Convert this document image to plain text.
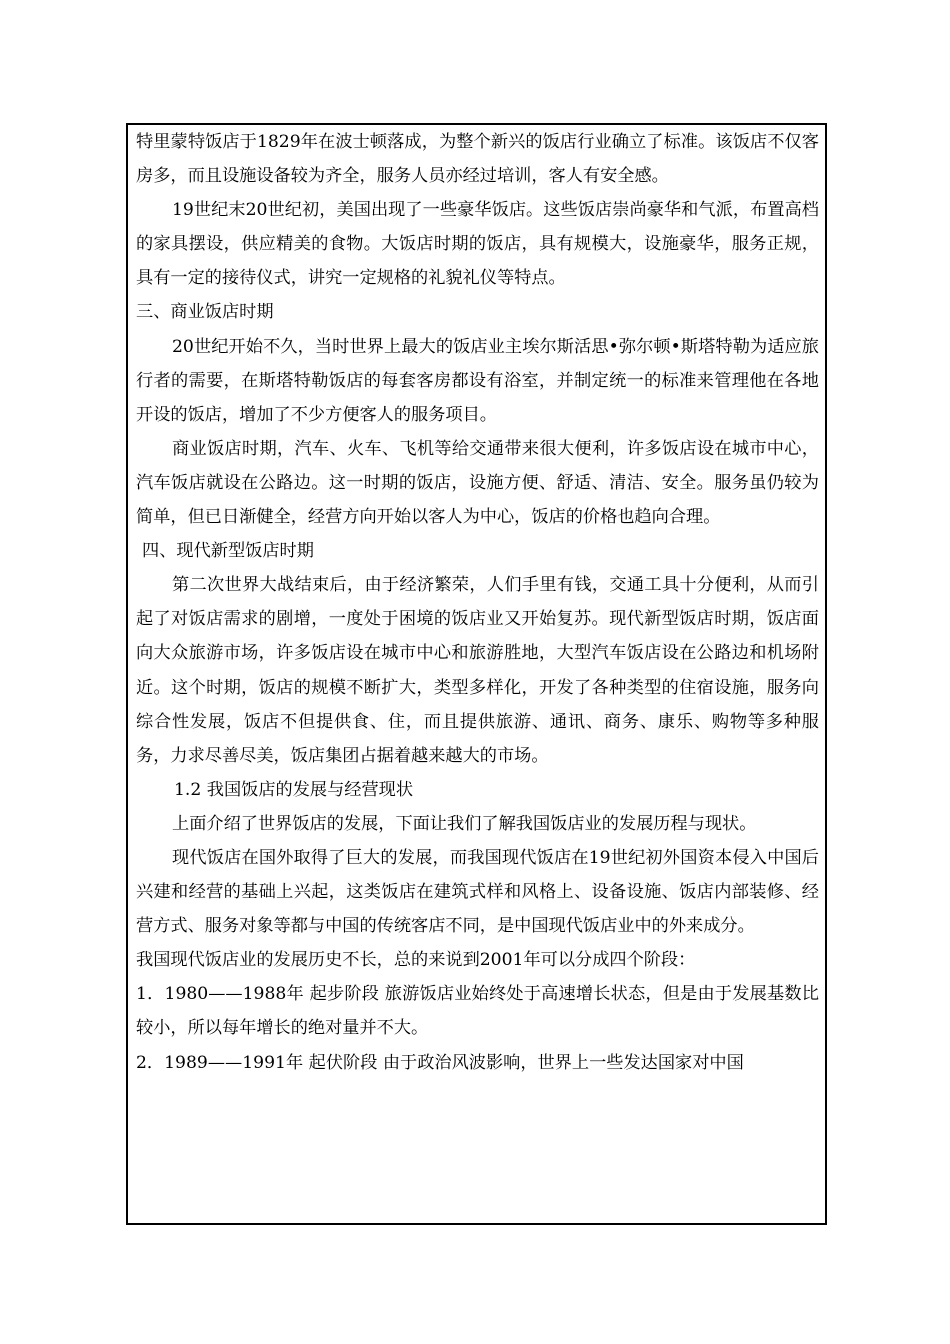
特里蒙特饭店于1829年在波士顿落成，为整个新兴的饭店行业确立了标准。该饭店不仅客房多，而且设施设备较为齐全，服务人员亦经过培训，客人有安全感。

19世纪末20世纪初，美国出现了一些豪华饭店。这些饭店崇尚豪华和气派，布置高档的家具摆设，供应精美的食物。大饭店时期的饭店，具有规模大，设施豪华，服务正规，具有一定的接待仪式，讲究一定规格的礼貌礼仪等特点。

三、商业饭店时期

20世纪开始不久，当时世界上最大的饭店业主埃尔斯活思•弥尔顿•斯塔特勒为适应旅行者的需要，在斯塔特勒饭店的每套客房都设有浴室，并制定统一的标准来管理他在各地开设的饭店，增加了不少方便客人的服务项目。

商业饭店时期，汽车、火车、飞机等给交通带来很大便利，许多饭店设在城市中心，汽车饭店就设在公路边。这一时期的饭店，设施方便、舒适、清洁、安全。服务虽仍较为简单，但已日渐健全，经营方向开始以客人为中心，饭店的价格也趋向合理。

四、现代新型饭店时期

第二次世界大战结束后，由于经济繁荣，人们手里有钱，交通工具十分便利，从而引起了对饭店需求的剧增，一度处于困境的饭店业又开始复苏。现代新型饭店时期，饭店面向大众旅游市场，许多饭店设在城市中心和旅游胜地，大型汽车饭店设在公路边和机场附近。这个时期，饭店的规模不断扩大，类型多样化，开发了各种类型的住宿设施，服务向综合性发展，饭店不但提供食、住，而且提供旅游、通讯、商务、康乐、购物等多种服务，力求尽善尽美，饭店集团占据着越来越大的市场。

1.2 我国饭店的发展与经营现状

上面介绍了世界饭店的发展，下面让我们了解我国饭店业的发展历程与现状。

现代饭店在国外取得了巨大的发展，而我国现代饭店在19世纪初外国资本侵入中国后兴建和经营的基础上兴起，这类饭店在建筑式样和风格上、设备设施、饭店内部装修、经营方式、服务对象等都与中国的传统客店不同，是中国现代饭店业中的外来成分。

我国现代饭店业的发展历史不长，总的来说到2001年可以分成四个阶段：

1．1980——1988年 起步阶段 旅游饭店业始终处于高速增长状态，但是由于发展基数比较小，所以每年增长的绝对量并不大。

2．1989——1991年 起伏阶段 由于政治风波影响，世界上一些发达国家对中国
